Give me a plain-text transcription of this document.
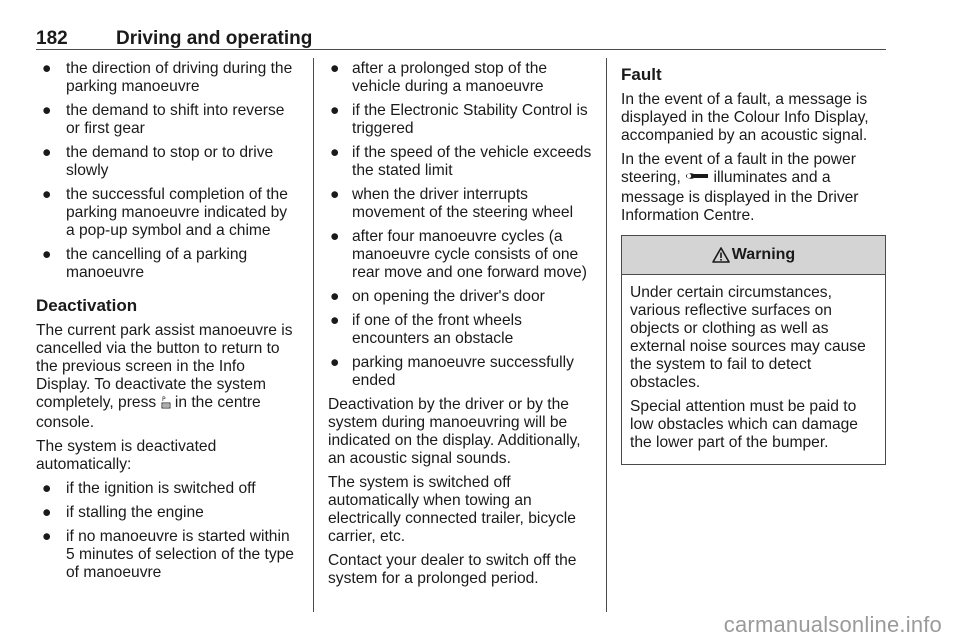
182	Driving and operating
● the direction of driving during the parking manoeuvre
● the demand to shift into reverse or first gear
● the demand to stop or to drive slowly
● the successful completion of the parking manoeuvre indicated by a pop-up symbol and a chime
● the cancelling of a parking manoeuvre
Deactivation

The current park assist manoeuvre is cancelled via the button to return to the previous screen in the Info Display. To deactivate the system completely, press P in the centre console.

The system is deactivated automatically:

● if the ignition is switched off
● if stalling the engine
● if no manoeuvre is started within 5 minutes of selection of the type of manoeuvre
● after a prolonged stop of the vehicle during a manoeuvre
● if the Electronic Stability Control is triggered
● if the speed of the vehicle exceeds the stated limit
● when the driver interrupts movement of the steering wheel
● after four manoeuvre cycles (a manoeuvre cycle consists of one rear move and one forward move)
● on opening the driver's door
● if one of the front wheels encounters an obstacle
● parking manoeuvre successfully ended

Deactivation by the driver or by the system during manoeuvring will be indicated on the display. Additionally, an acoustic signal sounds.

The system is switched off automatically when towing an electrically connected trailer, bicycle carrier, etc.

Contact your dealer to switch off the system for a prolonged period.

Fault

In the event of a fault, a message is displayed in the Colour Info Display, accompanied by an acoustic signal.

In the event of a fault in the power steering, illuminates and a message is displayed in the Driver Information Centre.

Warning

Under certain circumstances, various reflective surfaces on objects or clothing as well as external noise sources may cause the system to fail to detect obstacles.

Special attention must be paid to low obstacles which can damage the lower part of the bumper.

carmanualsonline.info
